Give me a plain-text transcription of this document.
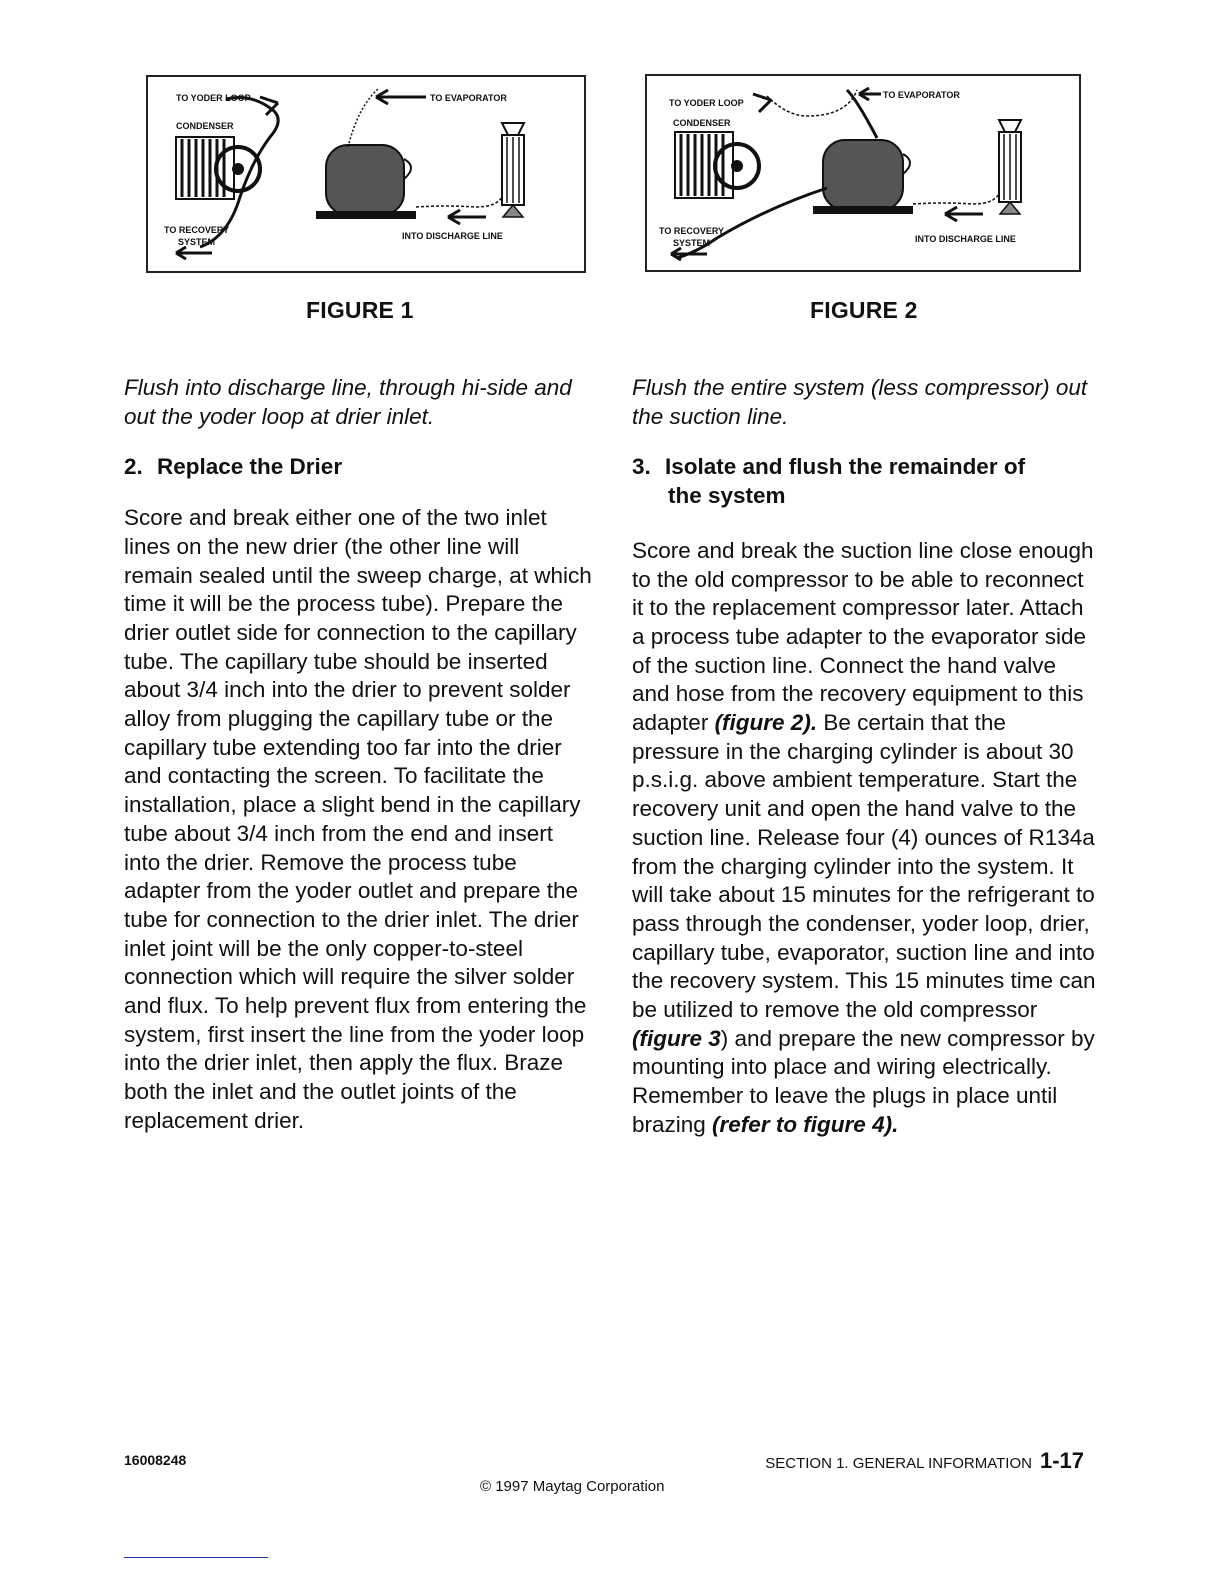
TO YODER LOOP	TO EVAPORATOR
CONDENSER
TO RECOVERY
SYSTEM
INTO DISCHARGE LINE
FIGURE 1
TO YODER LOOP
TO EVAPORATOR
CONDENSER
TO RECOVERY
SYSTEM	INTO DISCHARGE LINE
FIGURE 2

Flush into discharge line, through hi-side and out the yoder loop at drier inlet.

2. Replace the Drier

Score and break either one of the two inlet lines on the new drier (the other line will remain sealed until the sweep charge, at which time it will be the process tube). Prepare the drier outlet side for connection to the capillary tube. The capillary tube should be inserted about 3/4 inch into the drier to prevent solder alloy from plugging the capillary tube or the capillary tube extending too far into the drier and contacting the screen. To facilitate the installation, place a slight bend in the capillary tube about 3/4 inch from the end and insert into the drier. Remove the process tube adapter from the yoder outlet and prepare the tube for connection to the drier inlet. The drier inlet joint will be the only copper-to-steel connection which will require the silver solder and flux. To help prevent flux from entering the system, first insert the line from the yoder loop into the drier inlet, then apply the flux. Braze both the inlet and the outlet joints of the replacement drier.

Flush the entire system (less compressor) out the suction line.

3. Isolate and flush the remainder of
the system

Score and break the suction line close enough to the old compressor to be able to reconnect it to the replacement compressor later. Attach a process tube adapter to the evaporator side of the suction line. Connect the hand valve and hose from the recovery equipment to this adapter (figure 2). Be certain that the pressure in the charging cylinder is about 30 p.s.i.g. above ambient temperature. Start the recovery unit and open the hand valve to the suction line. Release four (4) ounces of R134a from the charging cylinder into the system. It will take about 15 minutes for the refrigerant to pass through the condenser, yoder loop, drier, capillary tube, evaporator, suction line and into the recovery system. This 15 minutes time can be utilized to remove the old compressor (figure 3) and prepare the new compressor by mounting into place and wiring electrically. Remember to leave the plugs in place until brazing (refer to figure 4).

16008248	SECTION 1. GENERAL INFORMATION 1-17
© 1997 Maytag Corporation
